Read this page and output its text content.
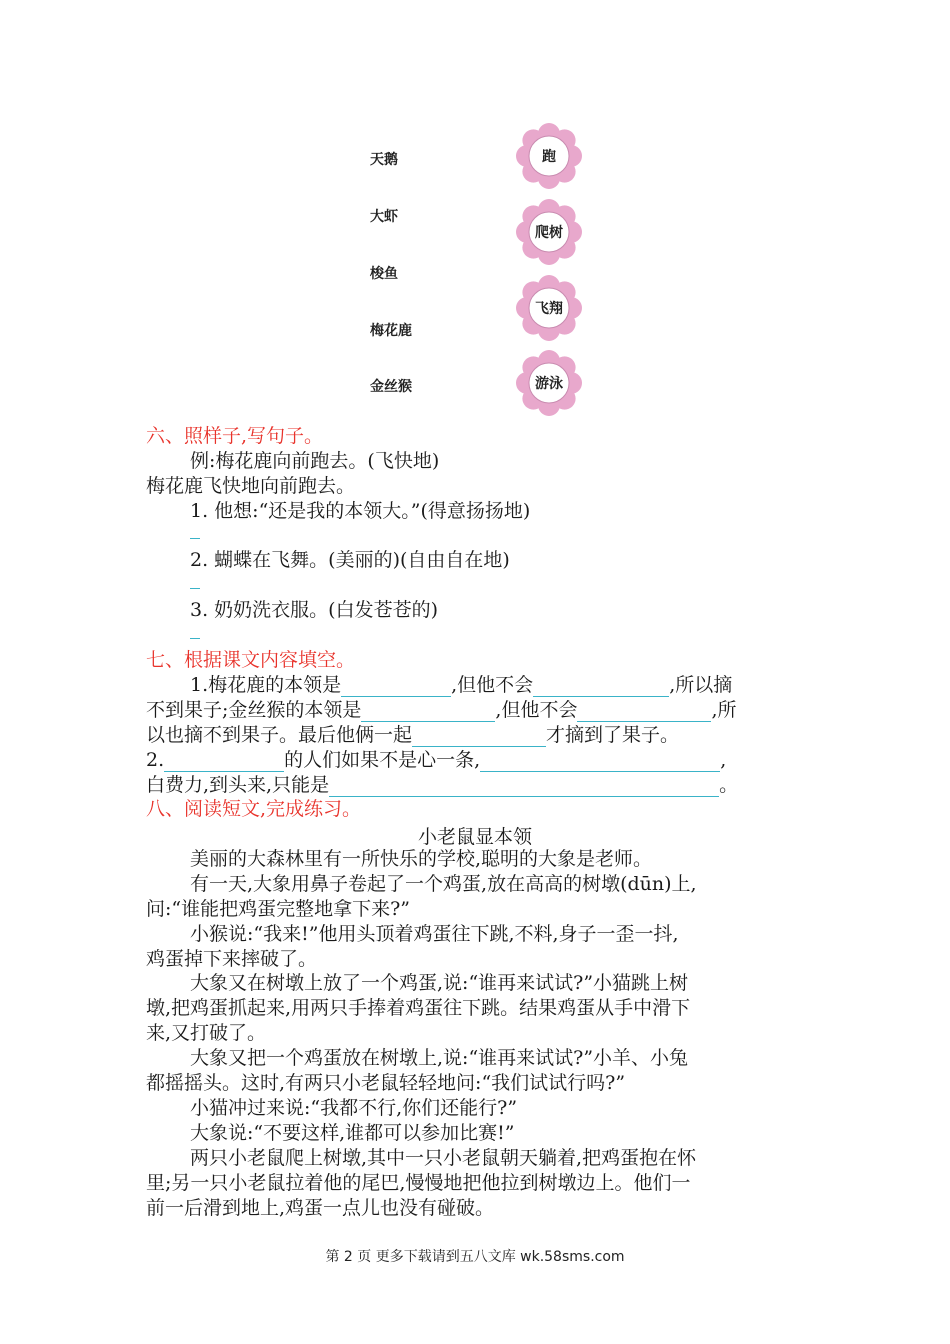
天鹅
大虾
梭鱼
梅花鹿
金丝猴
跑
爬树
飞翔
游泳
六、照样子,写句子。
例:梅花鹿向前跑去。(飞快地)
梅花鹿飞快地向前跑去。
1. 他想:“还是我的本领大。”(得意扬扬地)
2. 蝴蝶在飞舞。(美丽的)(自由自在地)
3. 奶奶洗衣服。(白发苍苍的)
七、根据课文内容填空。
1.梅花鹿的本领是	,但他不会	,所以摘
不到果子;金丝猴的本领是	,但他不会	,所
以也摘不到果子。最后他俩一起	才摘到了果子。
2.	的人们如果不是心一条,	,
白费力,到头来,只能是	。
八、阅读短文,完成练习。
小老鼠显本领
美丽的大森林里有一所快乐的学校,聪明的大象是老师。
有一天,大象用鼻子卷起了一个鸡蛋,放在高高的树墩(dūn)上,
问:“谁能把鸡蛋完整地拿下来?”
小猴说:“我来!”他用头顶着鸡蛋往下跳,不料,身子一歪一抖,
鸡蛋掉下来摔破了。
大象又在树墩上放了一个鸡蛋,说:“谁再来试试?”小猫跳上树
墩,把鸡蛋抓起来,用两只手捧着鸡蛋往下跳。结果鸡蛋从手中滑下
来,又打破了。
大象又把一个鸡蛋放在树墩上,说:“谁再来试试?”小羊、小兔
都摇摇头。这时,有两只小老鼠轻轻地问:“我们试试行吗?”
小猫冲过来说:“我都不行,你们还能行?”
大象说:“不要这样,谁都可以参加比赛!”
两只小老鼠爬上树墩,其中一只小老鼠朝天躺着,把鸡蛋抱在怀
里;另一只小老鼠拉着他的尾巴,慢慢地把他拉到树墩边上。他们一
前一后滑到地上,鸡蛋一点儿也没有碰破。
第 2 页 更多下载请到五八文库 wk.58sms.com
